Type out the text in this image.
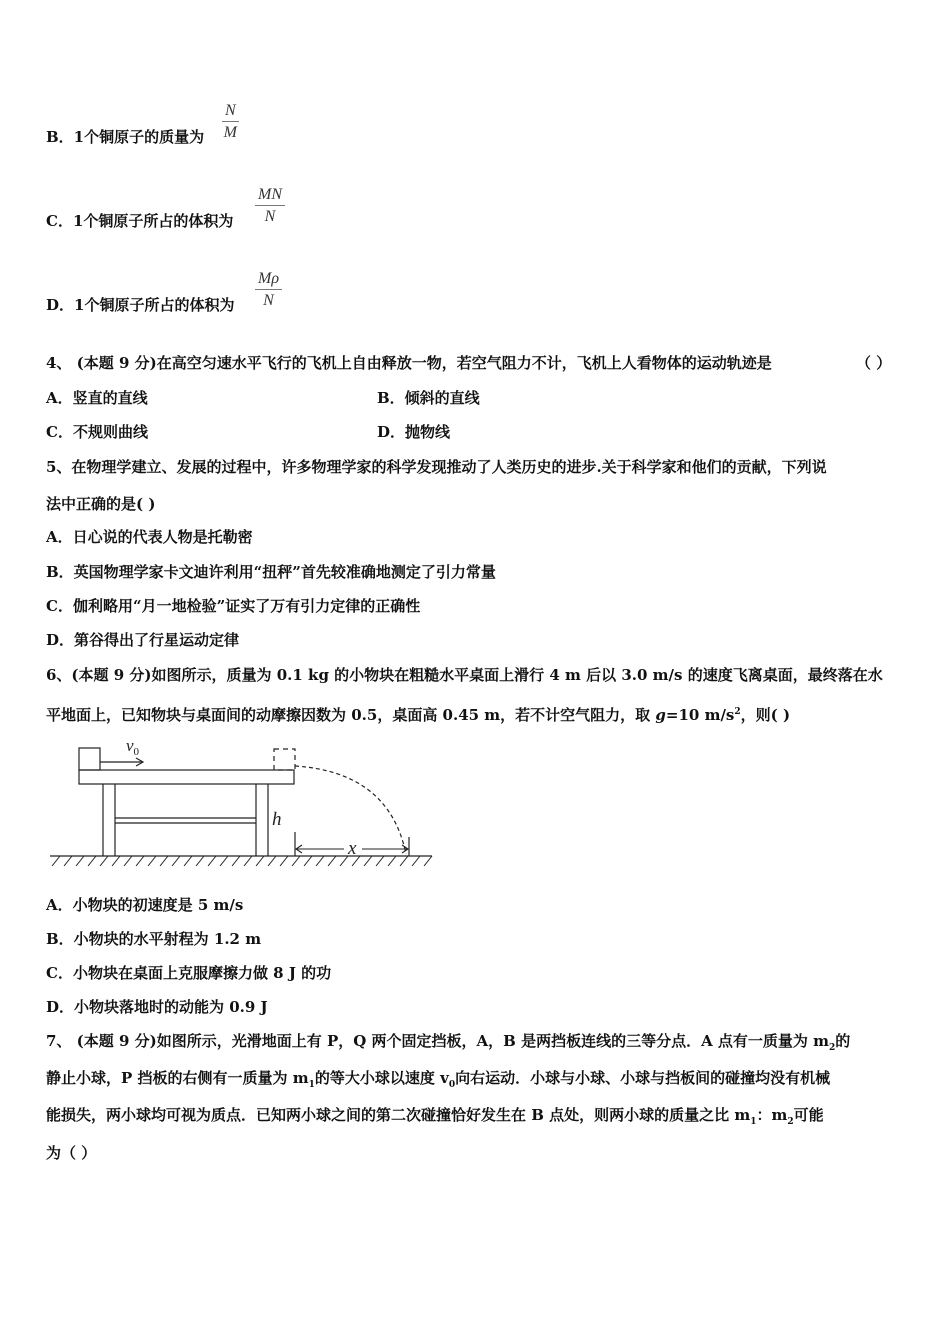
B．1个铜原子的质量为 $\frac{N}{M}$
C．1个铜原子所占的体积为 $\frac{MN}{N}$
D．1个铜原子所占的体积为 $\frac{M\rho}{N}$
4、 (本题 9 分)在高空匀速水平飞行的飞机上自由释放一物，若空气阻力不计，飞机上人看物体的运动轨迹是	（ ）
A．竖直的直线	B．倾斜的直线
C．不规则曲线	D．抛物线
5、在物理学建立、发展的过程中，许多物理学家的科学发现推动了人类历史的进步.关于科学家和他们的贡献，下列说
法中正确的是( )
A．日心说的代表人物是托勒密
B．英国物理学家卡文迪许利用“扭秤”首先较准确地测定了引力常量
C．伽利略用“月一地检验”证实了万有引力定律的正确性
D．第谷得出了行星运动定律
6、(本题 9 分)如图所示，质量为 0.1 kg 的小物块在粗糙水平桌面上滑行 4 m 后以 3.0 m/s 的速度飞离桌面，最终落在水
平地面上，已知物块与桌面间的动摩擦因数为 0.5，桌面高 0.45 m，若不计空气阻力，取 g=10 $m/s^2$，则( )
$v_0$
h
x
A．小物块的初速度是 5 m/s
B．小物块的水平射程为 1.2 m
C．小物块在桌面上克服摩擦力做 8 J 的功
D．小物块落地时的动能为 0.9 J
7、 (本题 9 分)如图所示，光滑地面上有 P，Q 两个固定挡板，A，B 是两挡板连线的三等分点．A 点有一质量为 $m_2$的
静止小球，P 挡板的右侧有一质量为 $m_1$的等大小球以速度 $v_0$向右运动．小球与小球、小球与挡板间的碰撞均没有机械
能损失，两小球均可视为质点．已知两小球之间的第二次碰撞恰好发生在 B 点处，则两小球的质量之比 $m_1$：$m_2$可能
为（ ）
